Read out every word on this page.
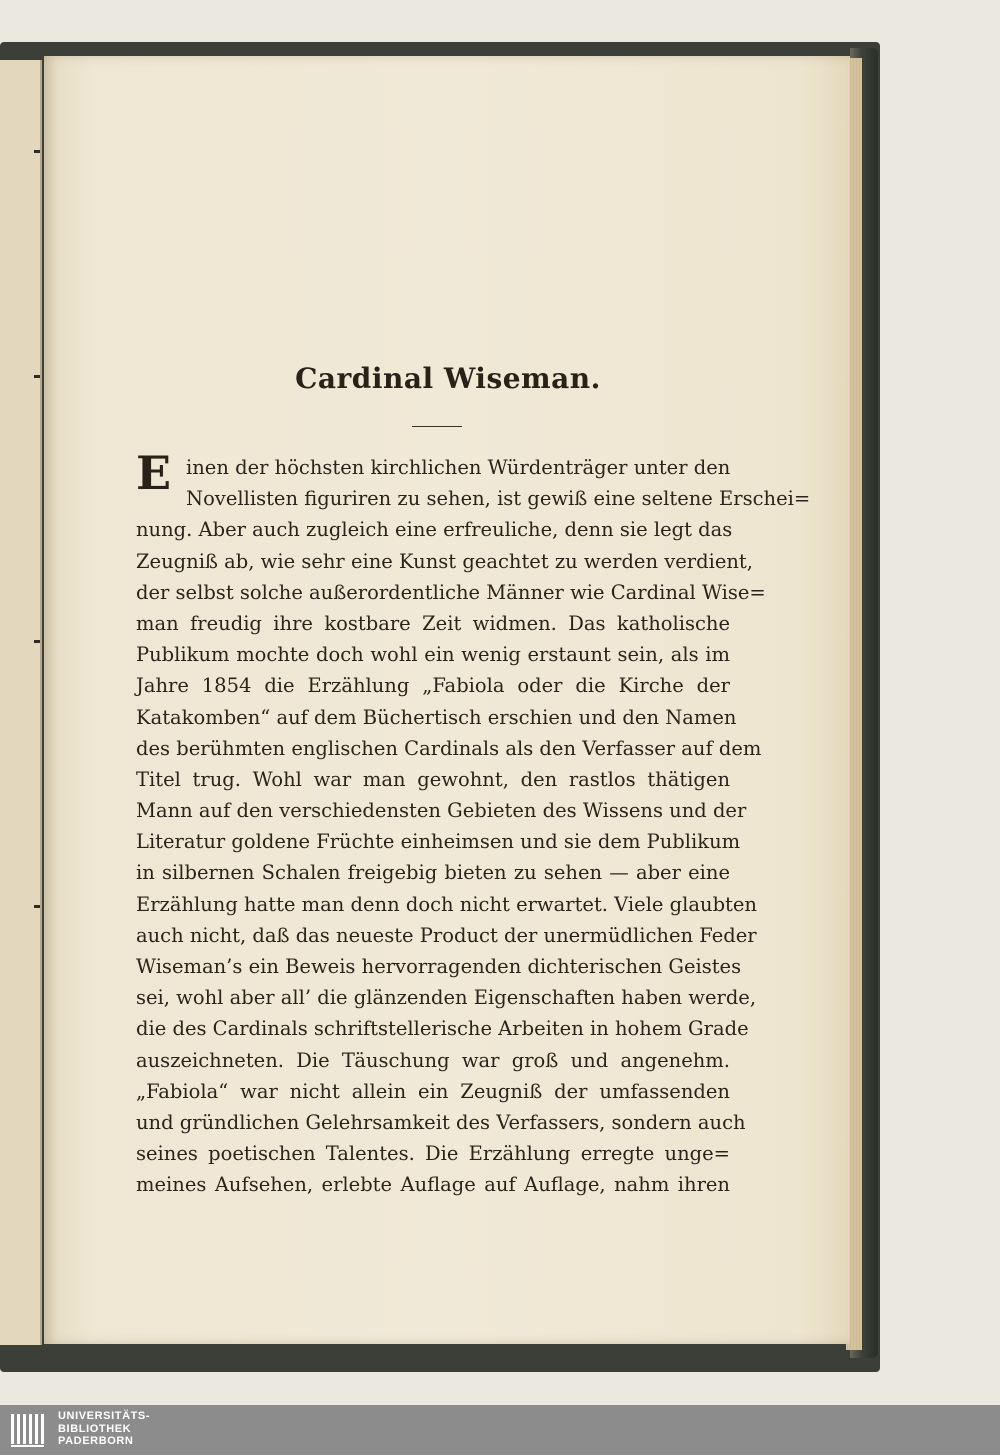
Cardinal Wiseman.
E inen der höchsten kirchlichen Würdenträger unter den
Novellisten figuriren zu sehen, ist gewiß eine seltene Erschei=
nung. Aber auch zugleich eine erfreuliche, denn sie legt das
Zeugniß ab, wie sehr eine Kunst geachtet zu werden verdient,
der selbst solche außerordentliche Männer wie Cardinal Wise=
man freudig ihre kostbare Zeit widmen. Das katholische
Publikum mochte doch wohl ein wenig erstaunt sein, als im
Jahre 1854 die Erzählung „Fabiola oder die Kirche der
Katakomben“ auf dem Büchertisch erschien und den Namen
des berühmten englischen Cardinals als den Verfasser auf dem
Titel trug. Wohl war man gewohnt, den rastlos thätigen
Mann auf den verschiedensten Gebieten des Wissens und der
Literatur goldene Früchte einheimsen und sie dem Publikum
in silbernen Schalen freigebig bieten zu sehen — aber eine
Erzählung hatte man denn doch nicht erwartet. Viele glaubten
auch nicht, daß das neueste Product der unermüdlichen Feder
Wiseman’s ein Beweis hervorragenden dichterischen Geistes
sei, wohl aber all’ die glänzenden Eigenschaften haben werde,
die des Cardinals schriftstellerische Arbeiten in hohem Grade
auszeichneten. Die Täuschung war groß und angenehm.
„Fabiola“ war nicht allein ein Zeugniß der umfassenden
und gründlichen Gelehrsamkeit des Verfassers, sondern auch
seines poetischen Talentes. Die Erzählung erregte unge=
meines Aufsehen, erlebte Auflage auf Auflage, nahm ihren
UNIVERSITÄTS-
BIBLIOTHEK
PADERBORN
